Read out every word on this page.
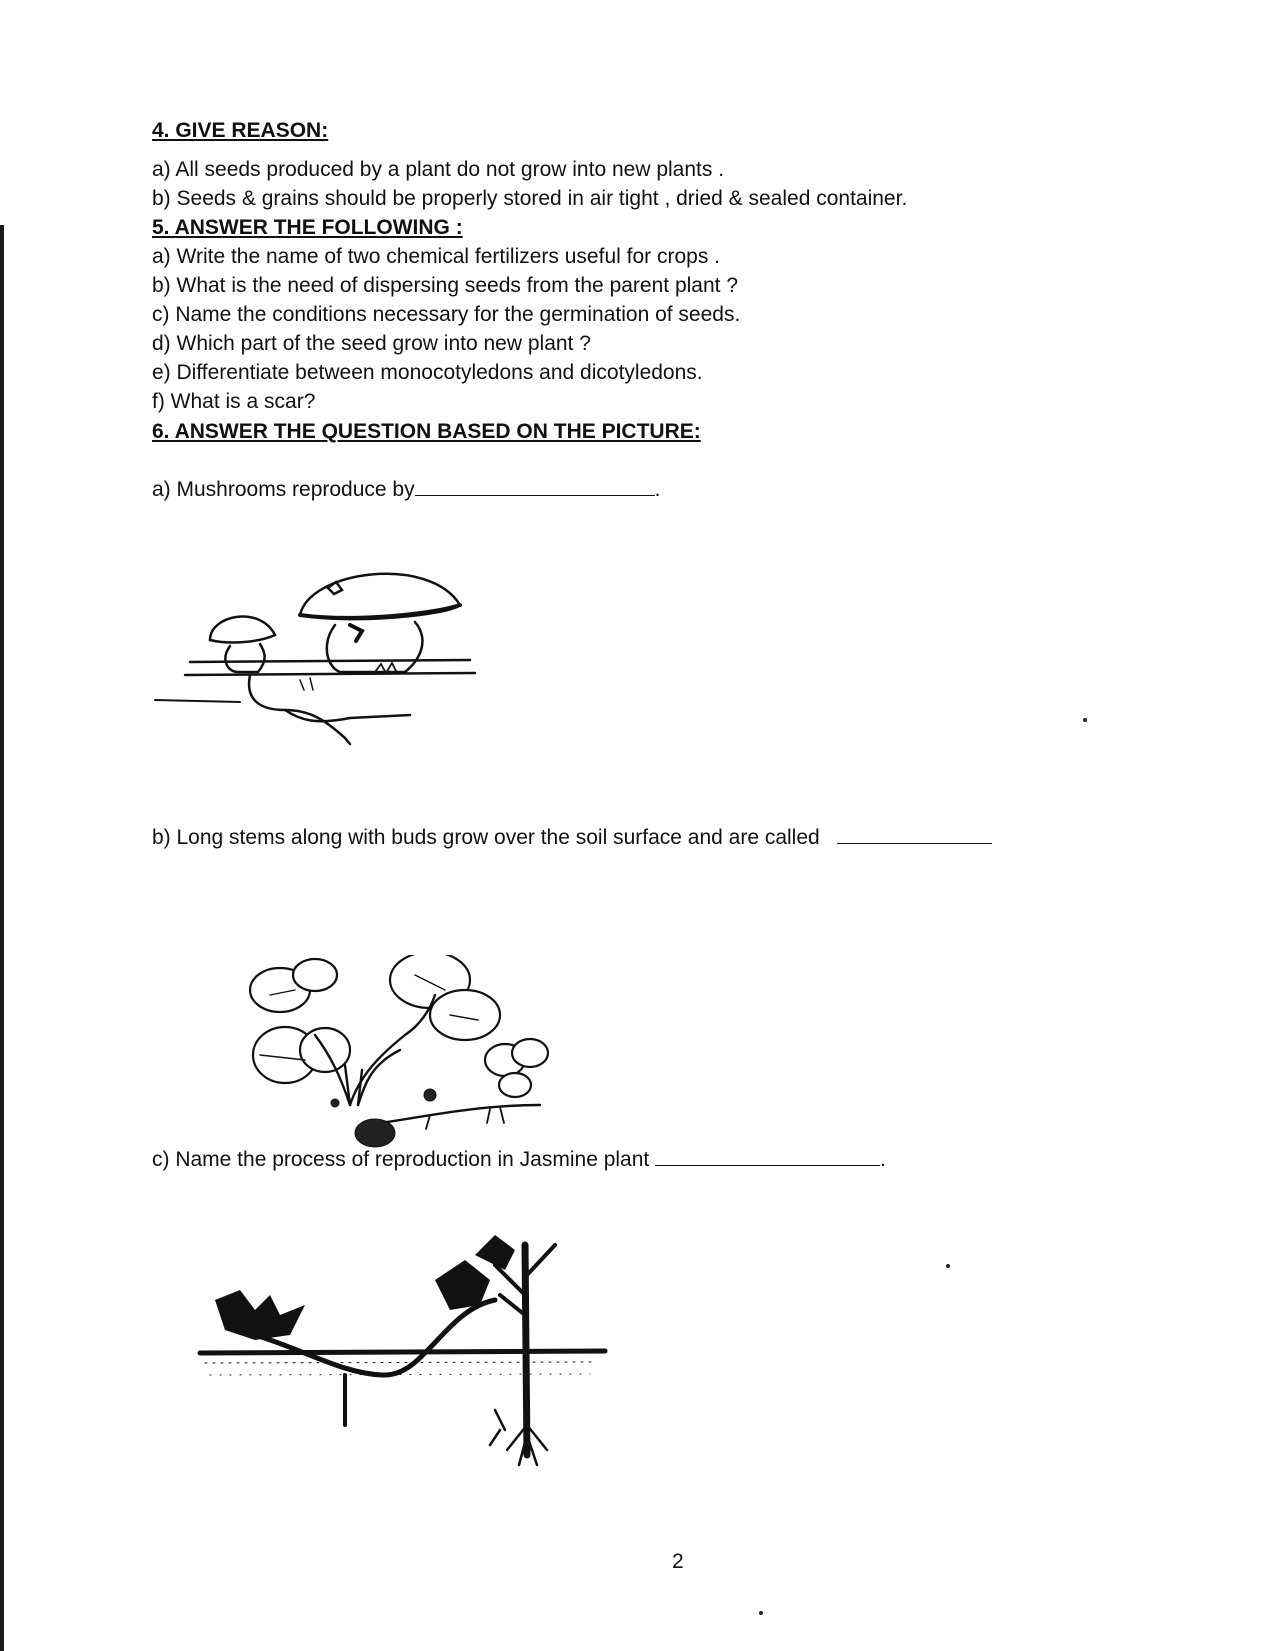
4. GIVE REASON:
a) All seeds produced by a plant do not grow into new plants .
b) Seeds & grains should be properly stored in air tight , dried & sealed container.
5. ANSWER THE FOLLOWING :
a) Write the name of two chemical fertilizers useful for crops .
b) What is the need of dispersing seeds from the parent plant ?
c) Name the conditions necessary for the germination of seeds.
d) Which part of the seed grow into new plant ?
e) Differentiate between monocotyledons and dicotyledons.
f) What is a scar?
6. ANSWER THE QUESTION BASED ON THE PICTURE:
a) Mushrooms reproduce by	.
b) Long stems along with buds grow over the soil surface and are called
c) Name the process of reproduction in Jasmine plant	.
2
